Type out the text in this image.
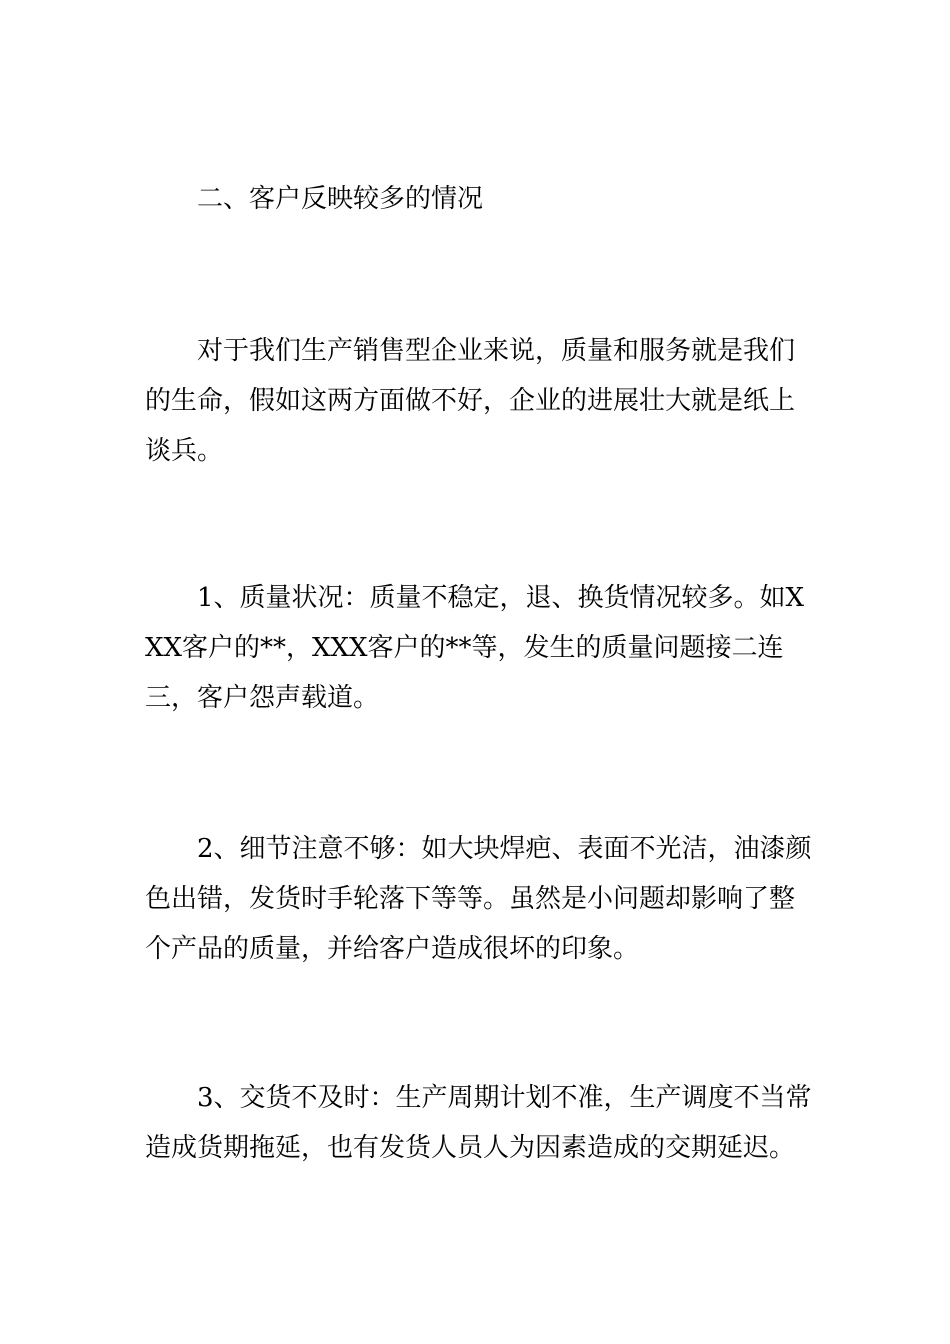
二、客户反映较多的情况

对于我们生产销售型企业来说，质量和服务就是我们的生命，假如这两方面做不好，企业的进展壮大就是纸上谈兵。

1、质量状况：质量不稳定，退、换货情况较多。如XXX客户的**，XXX客户的**等，发生的质量问题接二连三，客户怨声载道。

2、细节注意不够：如大块焊疤、表面不光洁，油漆颜色出错，发货时手轮落下等等。虽然是小问题却影响了整个产品的质量，并给客户造成很坏的印象。

3、交货不及时：生产周期计划不准，生产调度不当常造成货期拖延，也有发货人员人为因素造成的交期延迟。
